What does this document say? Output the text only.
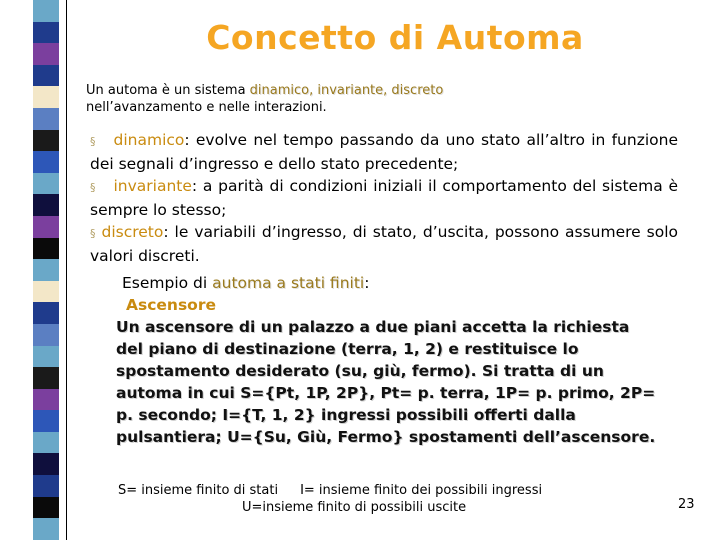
Concetto di Automa
Un automa è un sistema dinamico, invariante, discreto
nell’avanzamento e nelle interazioni.
§ dinamico: evolve nel tempo passando da uno stato all’altro in funzione dei segnali d’ingresso e dello stato precedente;
§ invariante: a parità di condizioni iniziali il comportamento del sistema è sempre lo stesso;
§ discreto: le variabili d’ingresso, di stato, d’uscita, possono assumere solo valori discreti.
Esempio di automa a stati finiti:
Ascensore
Un ascensore di un palazzo a due piani accetta la richiesta del piano di destinazione (terra, 1, 2) e restituisce lo spostamento desiderato (su, giù, fermo). Si tratta di un automa in cui S={Pt, 1P, 2P}, Pt= p. terra, 1P= p. primo, 2P= p. secondo; I={T, 1, 2} ingressi possibili offerti dalla pulsantiera; U={Su, Giù, Fermo} spostamenti dell’ascensore.
S= insieme finito di stati I= insieme finito dei possibili ingressi
U=insieme finito di possibili uscite	23
